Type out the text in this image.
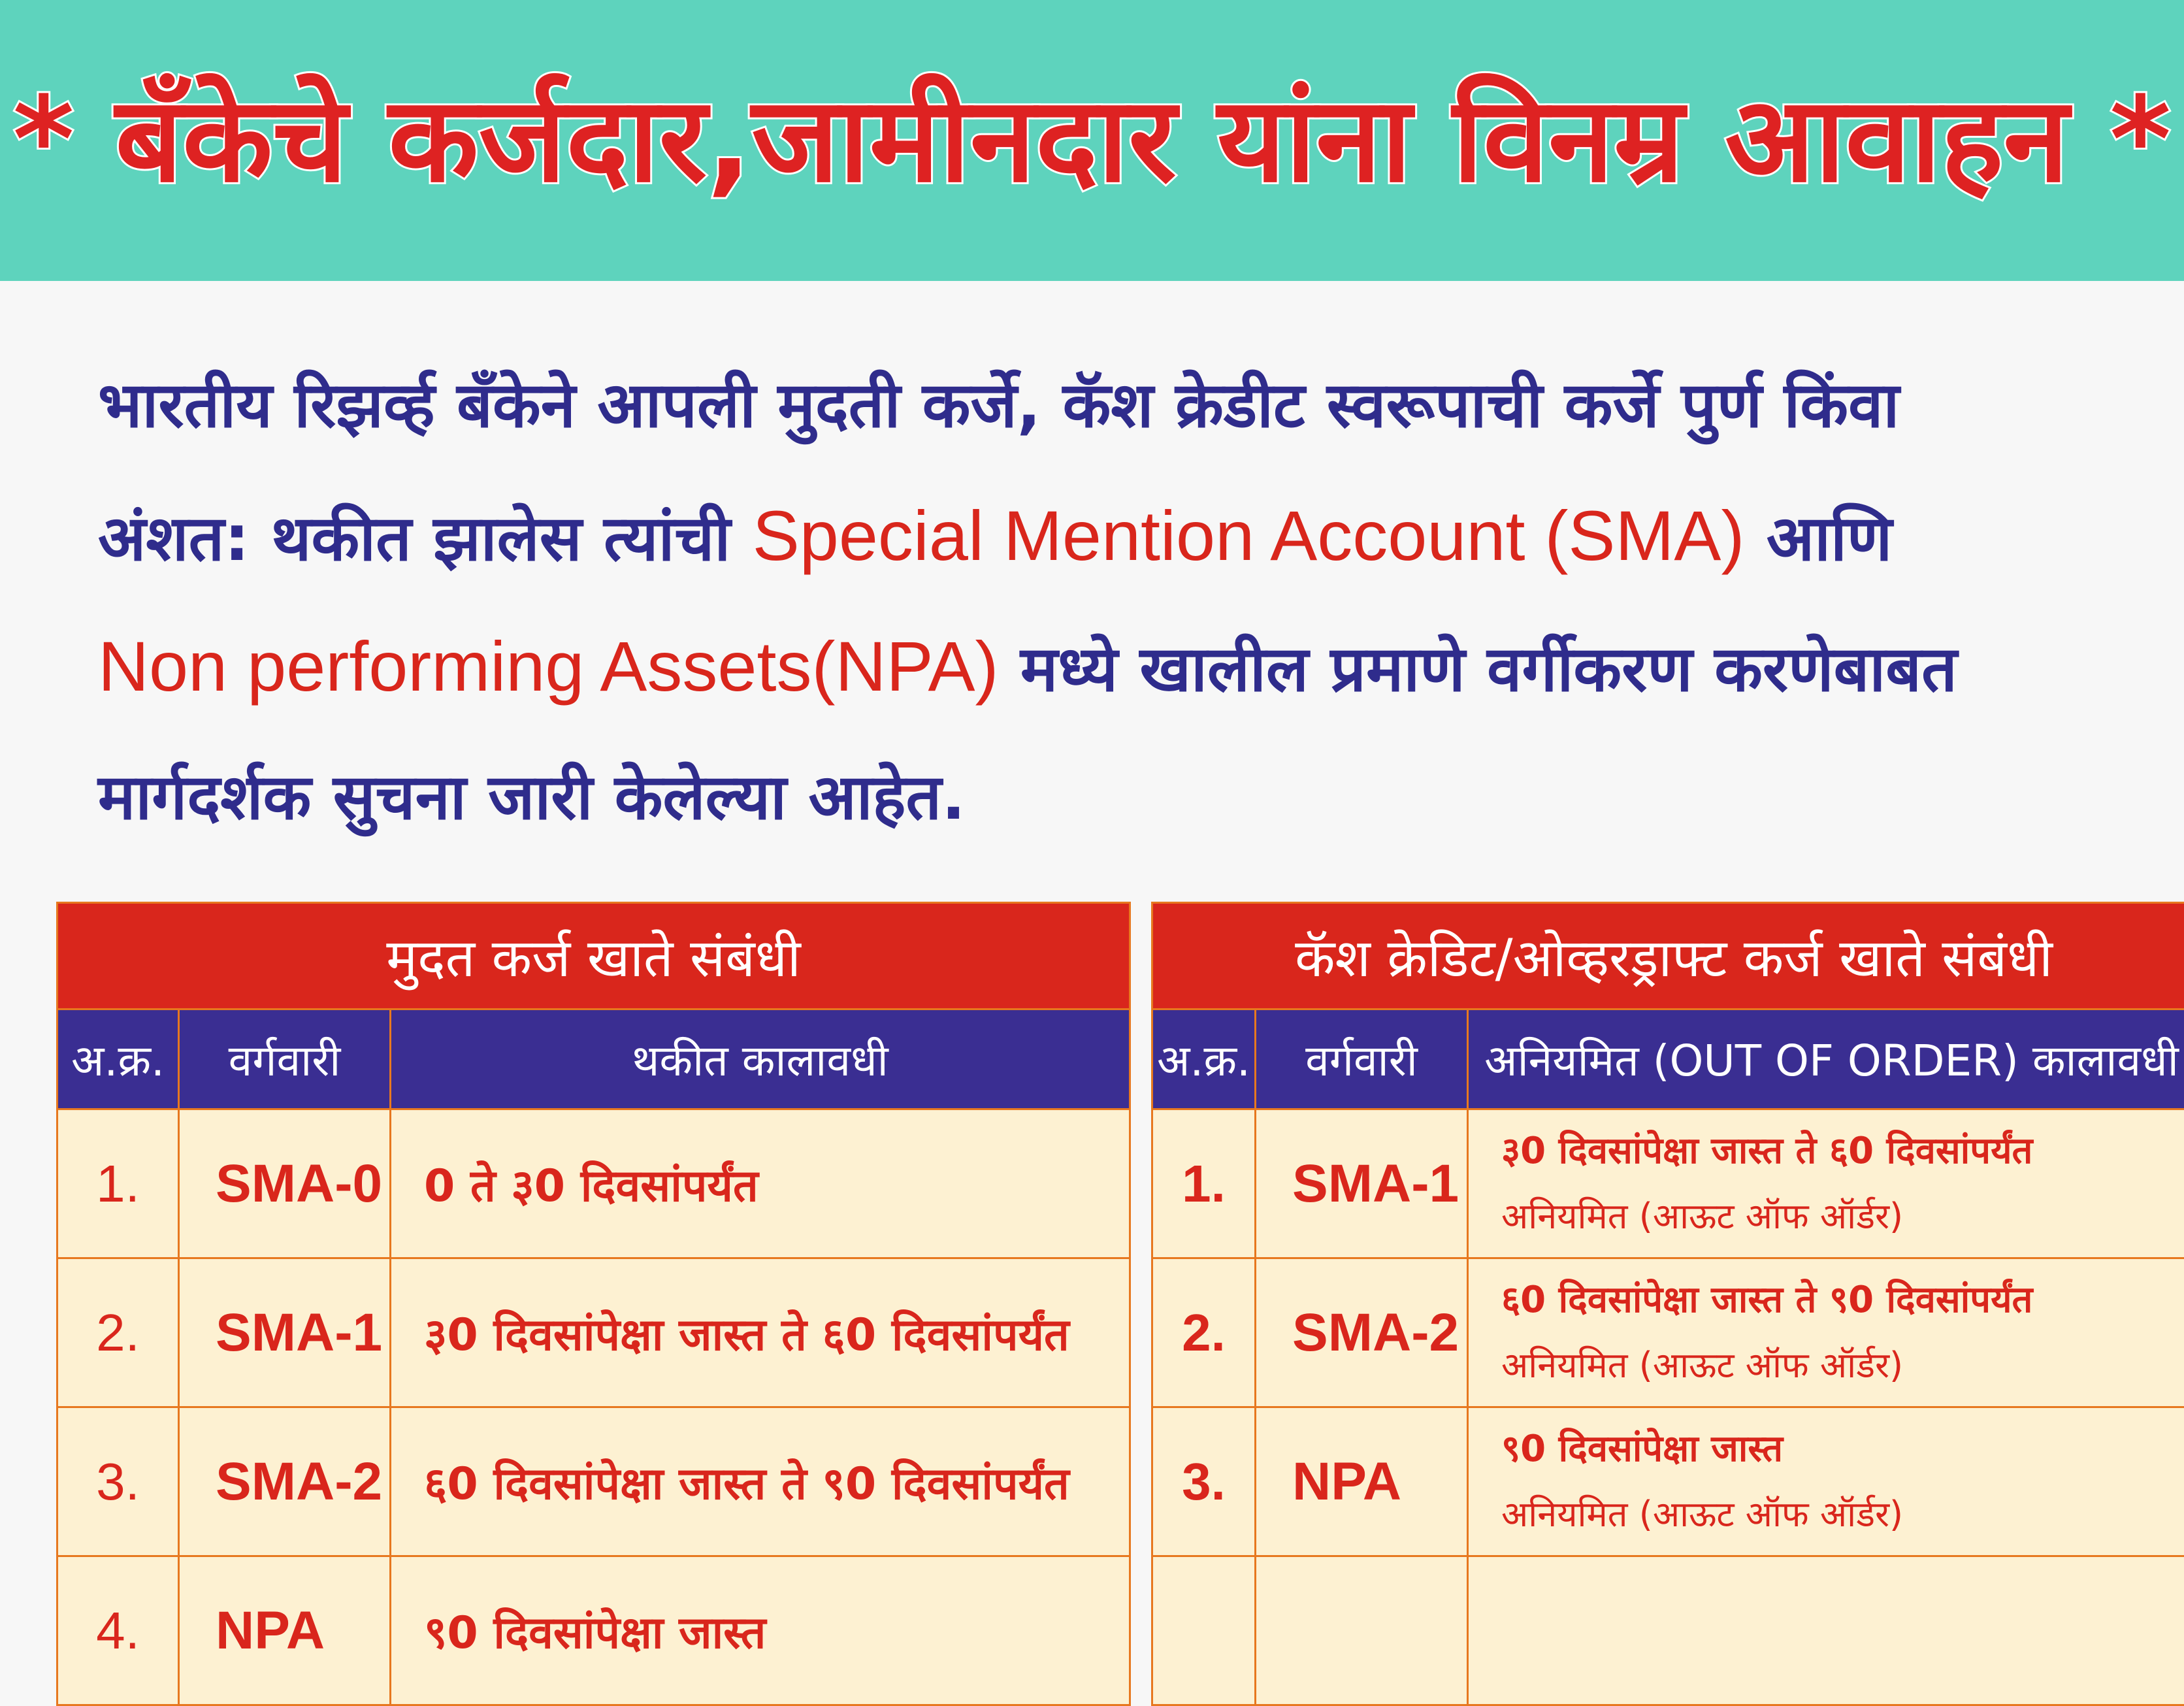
* बँकेचे कर्जदार,जामीनदार यांना विनम्र आवाहन *
भारतीय रिझर्व्ह बँकेने आपली मुदती कर्जे, कॅश क्रेडीट स्वरूपाची कर्जे पुर्ण किंवा
अंशत: थकीत झालेस त्यांची Special Mention Account (SMA) आणि
Non performing Assets(NPA) मध्ये खालील प्रमाणे वर्गीकरण करणेबाबत
मार्गदर्शक सुचना जारी केलेल्या आहेत.
मुदत कर्ज खाते संबंधी		
अ.क्र.	वर्गवारी	थकीत कालावधी
1.	SMA-0	0 ते ३0 दिवसांपर्यंत
2.	SMA-1	३0 दिवसांपेक्षा जास्त ते ६0 दिवसांपर्यंत
3.	SMA-2	६0 दिवसांपेक्षा जास्त ते ९0 दिवसांपर्यंत
4.	NPA	९0 दिवसांपेक्षा जास्त
कॅश क्रेडिट/ओव्हरड्राफ्ट कर्ज खाते संबंधी		
अ.क्र.	वर्गवारी	अनियमित (OUT OF ORDER) कालावधी
1.	SMA-1	३0 दिवसांपेक्षा जास्त ते ६0 दिवसांपर्यंत
अनियमित (आऊट ऑफ ऑर्डर)

2.	SMA-2	६0 दिवसांपेक्षा जास्त ते ९0 दिवसांपर्यंत
अनियमित (आऊट ऑफ ऑर्डर)

3.	NPA	९0 दिवसांपेक्षा जास्त
अनियमित (आऊट ऑफ ऑर्डर)
